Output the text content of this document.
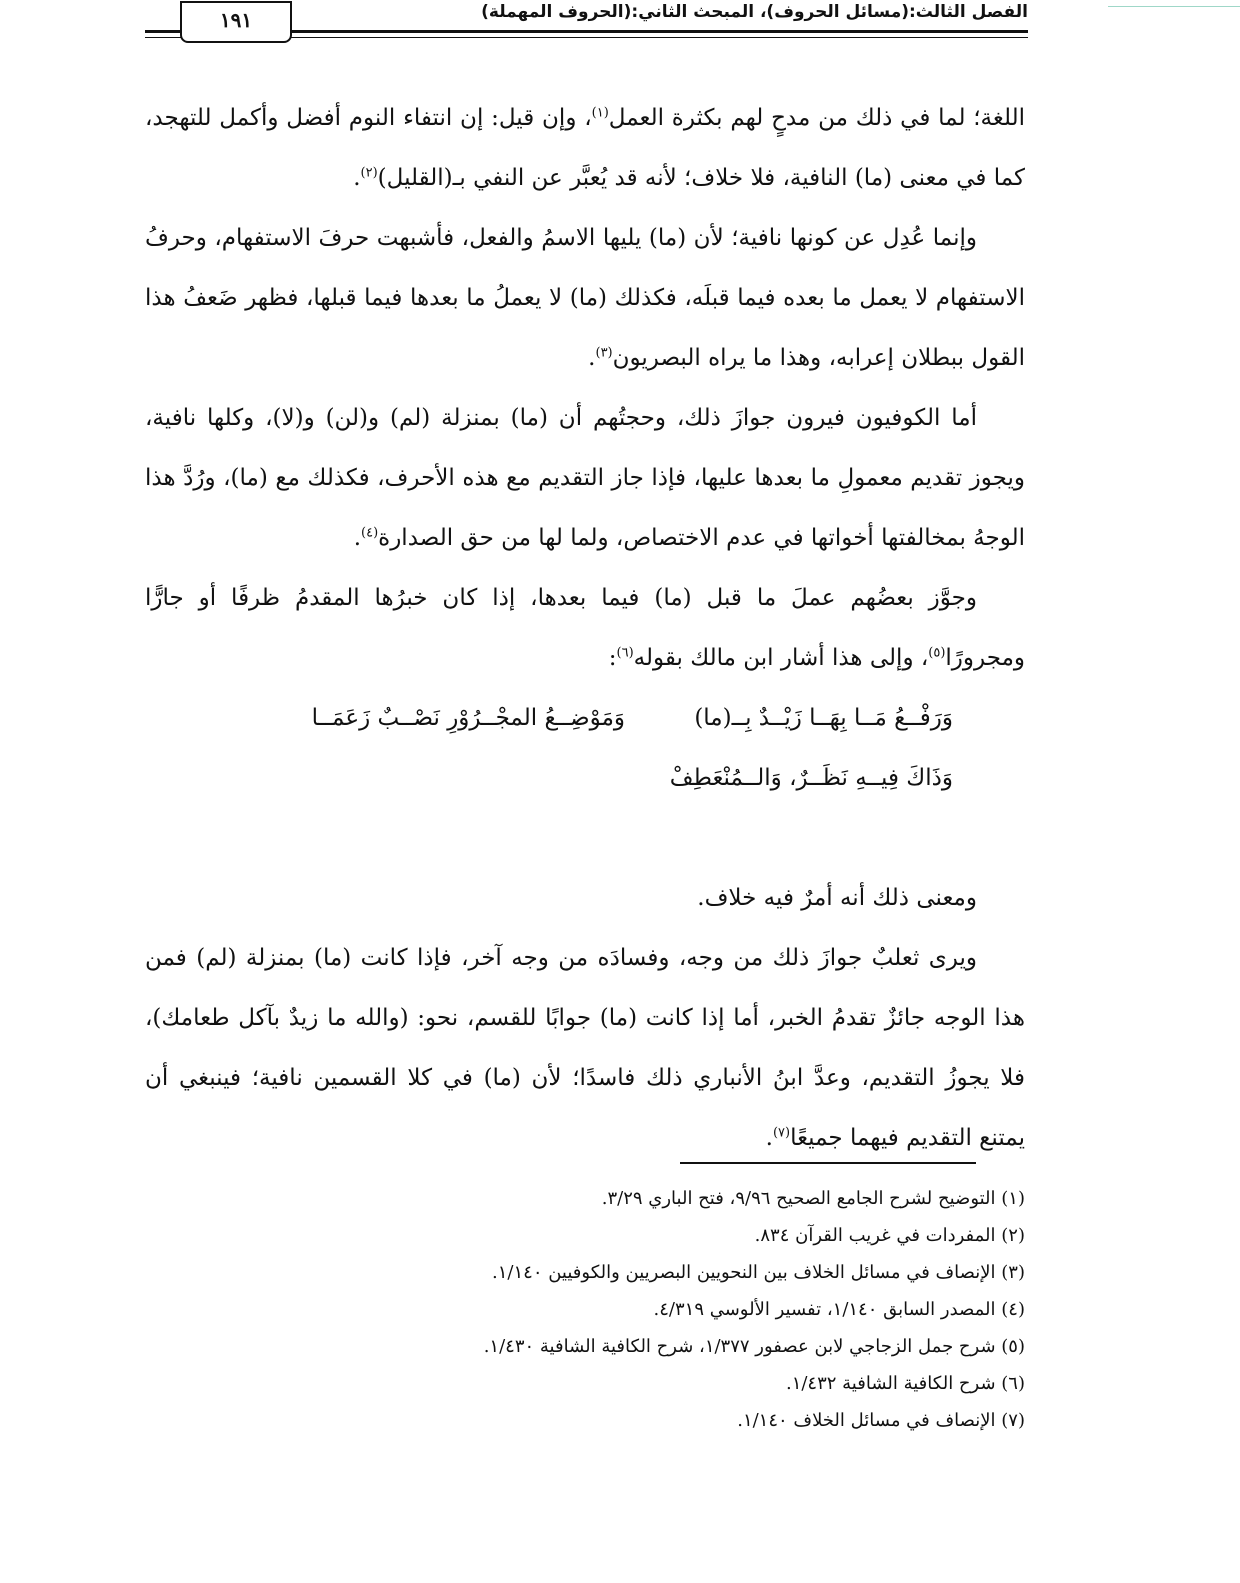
الفصل الثالث:(مسائل الحروف)، المبحث الثاني:(الحروف المهملة)
١٩١

اللغة؛ لما في ذلك من مدحٍ لهم بكثرة العمل$^{(١)}$، وإن قيل: إن انتفاء النوم أفضل وأكمل للتهجد، كما في معنى (ما) النافية، فلا خلاف؛ لأنه قد يُعبَّر عن النفي بـ(القليل)$^{(٢)}$.

وإنما عُدِل عن كونها نافية؛ لأن (ما) يليها الاسمُ والفعل، فأشبهت حرفَ الاستفهام، وحرفُ الاستفهام لا يعمل ما بعده فيما قبلَه، فكذلك (ما) لا يعملُ ما بعدها فيما قبلها، فظهر ضَعفُ هذا القول ببطلان إعرابه، وهذا ما يراه البصريون$^{(٣)}$.

أما الكوفيون فيرون جوازَ ذلك، وحجتُهم أن (ما) بمنزلة (لم) و(لن) و(لا)، وكلها نافية، ويجوز تقديم معمولِ ما بعدها عليها، فإذا جاز التقديم مع هذه الأحرف، فكذلك مع (ما)، ورُدَّ هذا الوجهُ بمخالفتها أخواتها في عدم الاختصاص، ولما لها من حق الصدارة$^{(٤)}$.

وجوَّز بعضُهم عملَ ما قبل (ما) فيما بعدها، إذا كان خبرُها المقدمُ ظرفًا أو جارًّا ومجرورًا$^{(٥)}$، وإلى هذا أشار ابن مالك بقوله$^{(٦)}$:

وَرَفْــعُ مَــا بِهَــا زَيْــدٌ بِــ(ما)
وَمَوْضِــعُ المجْــرُوْرِ نَصْــبٌ زَعَمَــا
وَذَاكَ فِيــهِ نَظَــرٌ، وَالــمُنْعَطِفْ

ومعنى ذلك أنه أمرٌ فيه خلاف.

ويرى ثعلبٌ جوازَ ذلك من وجه، وفسادَه من وجه آخر، فإذا كانت (ما) بمنزلة (لم) فمن هذا الوجه جائزٌ تقدمُ الخبر، أما إذا كانت (ما) جوابًا للقسم، نحو: (والله ما زيدٌ بآكل طعامك)، فلا يجوزُ التقديم، وعدَّ ابنُ الأنباري ذلك فاسدًا؛ لأن (ما) في كلا القسمين نافية؛ فينبغي أن يمتنع التقديم فيهما جميعًا$^{(٧)}$.

(١) التوضيح لشرح الجامع الصحيح ٩/٩٦، فتح الباري ٣/٢٩.

(٢) المفردات في غريب القرآن ٨٣٤.

(٣) الإنصاف في مسائل الخلاف بين النحويين البصريين والكوفيين ١/١٤٠.

(٤) المصدر السابق ١/١٤٠، تفسير الألوسي ٤/٣١٩.

(٥) شرح جمل الزجاجي لابن عصفور ١/٣٧٧، شرح الكافية الشافية ١/٤٣٠.

(٦) شرح الكافية الشافية ١/٤٣٢.

(٧) الإنصاف في مسائل الخلاف ١/١٤٠.
